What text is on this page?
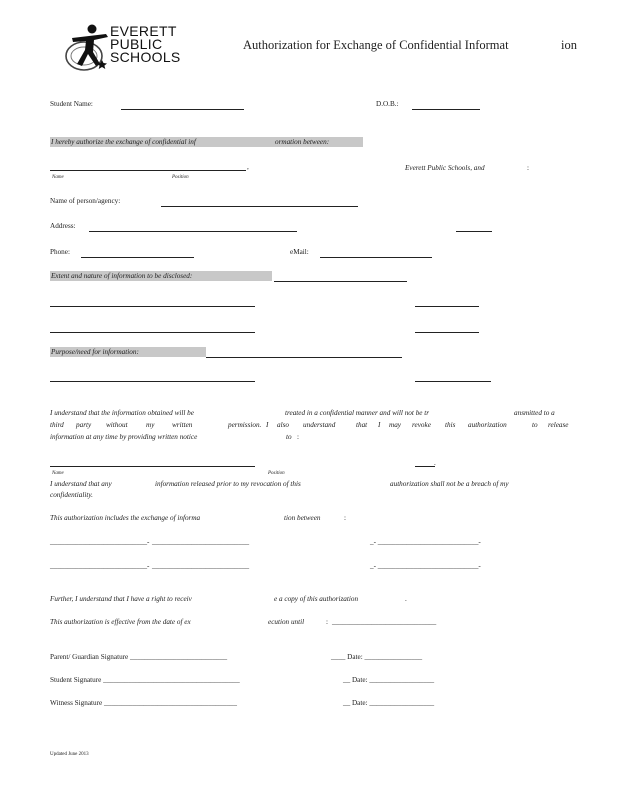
EVERETT
PUBLIC
SCHOOLS
Authorization for Exchange of Confidential Informat	ion
Student Name:	D.O.B.:
I hereby authorize the exchange of confidential inf	ormation between:
,
Name	Position
Everett Public Schools, and	:
Name of person/agency:
Address:
Phone:	eMail:
Extent and nature of information to be disclosed:
Purpose/need for information:
I understand that the information obtained will be	treated in a confidential manner and will not be tr	ansmitted to a
third party without	my written	permission. I also understand	that I may revoke this authorization	to release
information at any time by providing written notice	to :
.
Name	Position
I understand that any	information released prior to my revocation of this	authorization shall not be a breach of my
confidentiality.
This authorization includes the exchange of informa	tion between	:
___________________________- ___________________________	_- ____________________________-
___________________________- ___________________________	_- ____________________________-
Further, I understand that I have a right to receiv	e a copy of this authorization	.
This authorization is effective from the date of ex	ecution until	: _____________________________
Parent/ Guardian Signature ___________________________	____ Date: ________________
Student Signature ______________________________________	__ Date: __________________
Witness Signature _____________________________________	__ Date: __________________
Updated June 2013
